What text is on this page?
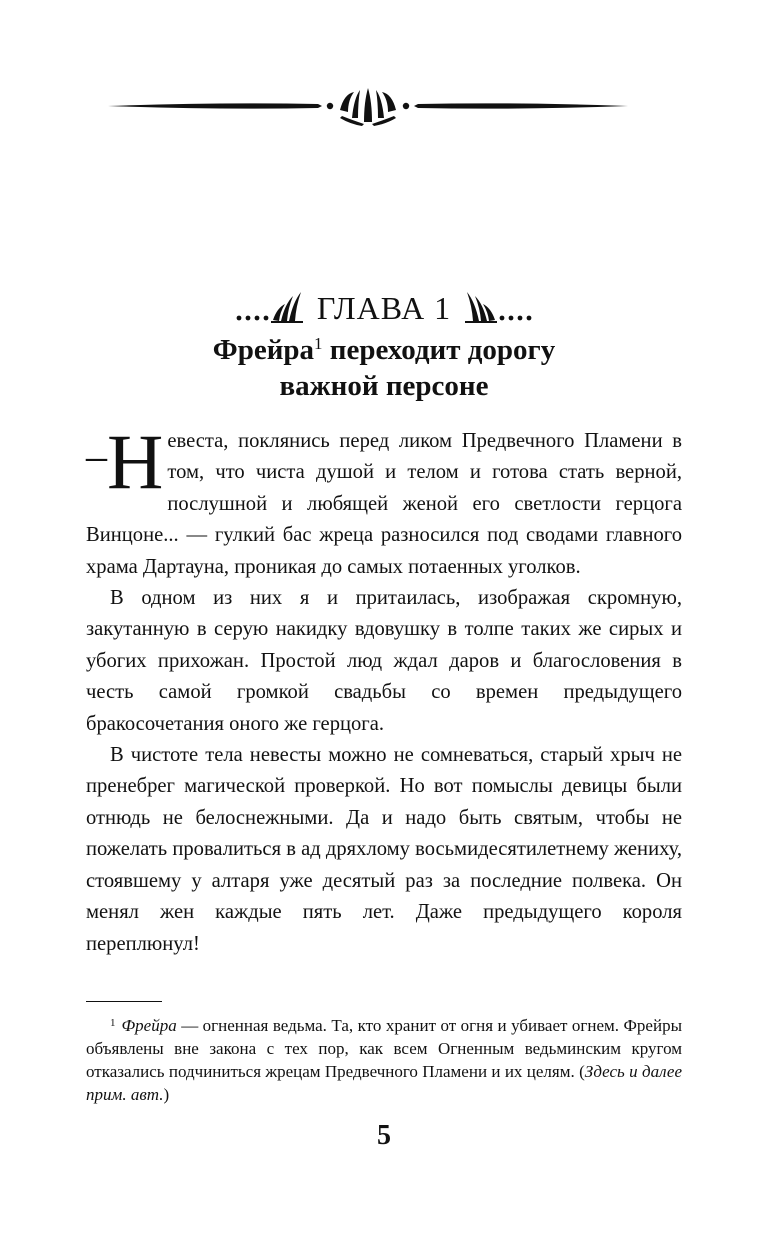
ГЛАВА 1
Фрейра$^1$ переходит дорогу
важной персоне

– Н евеста, поклянись перед ликом Предвечного Пламени в том, что чиста душой и телом и готова стать верной, послушной и любящей женой его светлости герцога Винцоне... — гулкий бас жреца разносился под сводами главного храма Дартауна, проникая до самых потаенных уголков.

В одном из них я и притаилась, изображая скромную, закутанную в серую накидку вдовушку в толпе таких же сирых и убогих прихожан. Простой люд ждал даров и благословения в честь самой громкой свадьбы со времен предыдущего бракосочетания оного же герцога.

В чистоте тела невесты можно не сомневаться, старый хрыч не пренебрег магической проверкой. Но вот помыслы девицы были отнюдь не белоснежными. Да и надо быть святым, чтобы не пожелать провалиться в ад дряхлому восьмидесятилетнему жениху, стоявшему у алтаря уже десятый раз за последние полвека. Он менял жен каждые пять лет. Даже предыдущего короля переплюнул!

$^1$ Фрейра — огненная ведьма. Та, кто хранит от огня и убивает огнем. Фрейры объявлены вне закона с тех пор, как всем Огненным ведьминским кругом отказались подчиниться жрецам Предвечного Пламени и их целям. (Здесь и далее прим. авт.)

5
